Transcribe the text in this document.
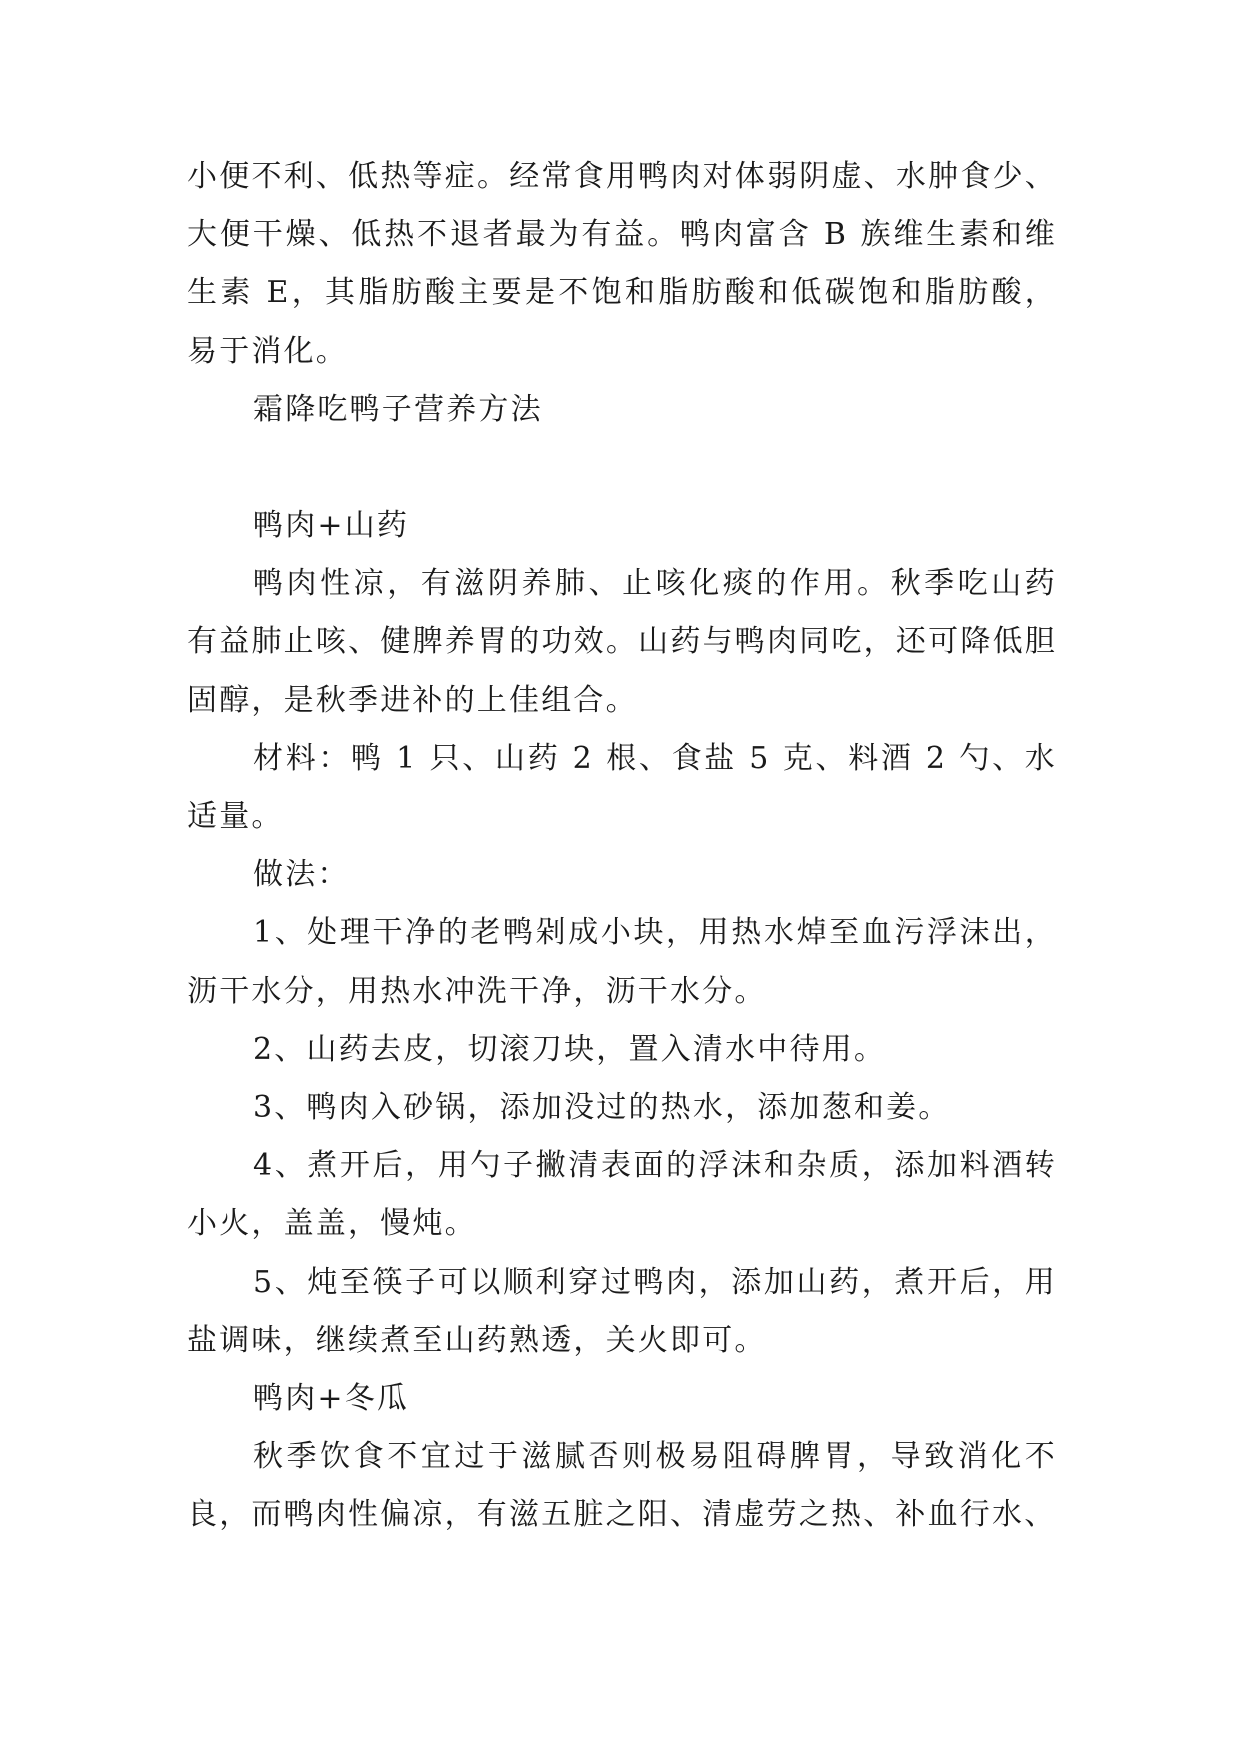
小便不利、低热等症。经常食用鸭肉对体弱阴虚、水肿食少、大便干燥、低热不退者最为有益。鸭肉富含 B 族维生素和维生素 E，其脂肪酸主要是不饱和脂肪酸和低碳饱和脂肪酸，易于消化。

霜降吃鸭子营养方法

鸭肉+山药

鸭肉性凉，有滋阴养肺、止咳化痰的作用。秋季吃山药有益肺止咳、健脾养胃的功效。山药与鸭肉同吃，还可降低胆固醇，是秋季进补的上佳组合。

材料：鸭 1 只、山药 2 根、食盐 5 克、料酒 2 勺、水适量。

做法：

1、处理干净的老鸭剁成小块，用热水焯至血污浮沫出，沥干水分，用热水冲洗干净，沥干水分。

2、山药去皮，切滚刀块，置入清水中待用。

3、鸭肉入砂锅，添加没过的热水，添加葱和姜。

4、煮开后，用勺子撇清表面的浮沫和杂质，添加料酒转小火，盖盖，慢炖。

5、炖至筷子可以顺利穿过鸭肉，添加山药，煮开后，用盐调味，继续煮至山药熟透，关火即可。

鸭肉+冬瓜

秋季饮食不宜过于滋腻否则极易阻碍脾胃，导致消化不良，而鸭肉性偏凉，有滋五脏之阳、清虚劳之热、补血行水、
